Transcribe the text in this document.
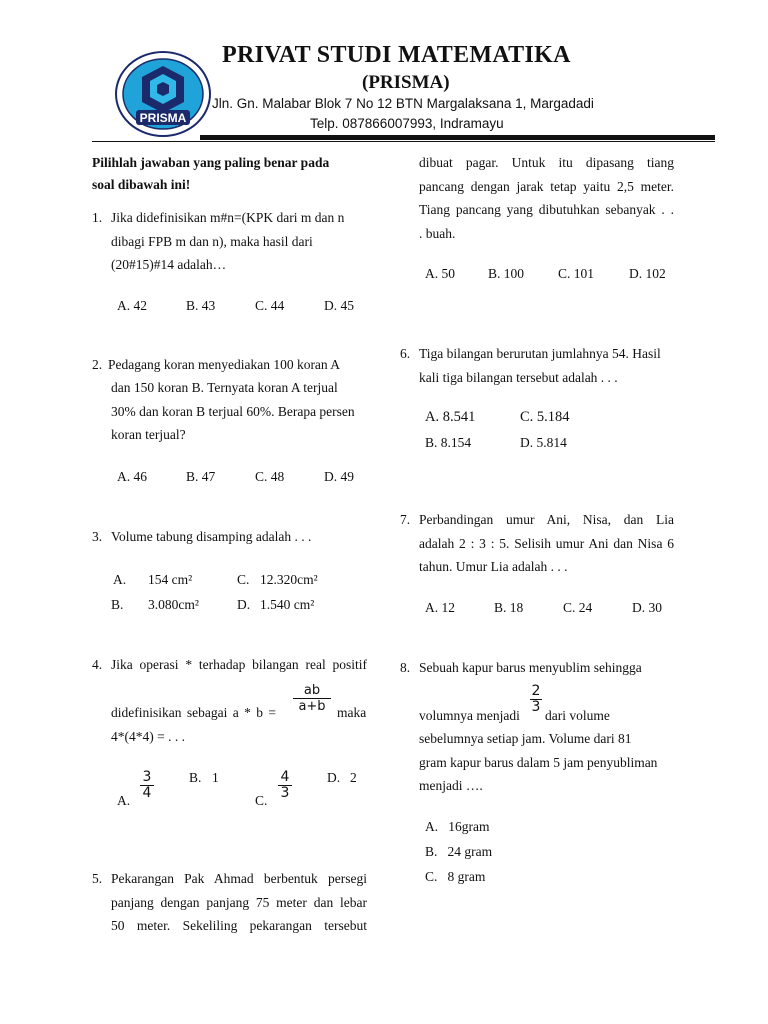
PRISMA
PRIVAT STUDI MATEMATIKA
(PRISMA)
Jln. Gn. Malabar Blok 7 No 12 BTN Margalaksana 1, Margadadi
Telp. 087866007993, Indramayu
Pilihlah jawaban yang paling benar pada
soal dibawah ini!
1. Jika didefinisikan m#n=(KPK dari m dan n
dibagi FPB m dan n), maka hasil dari
(20#15)#14 adalah…
A. 42	B. 43	C. 44	D. 45
2. Pedagang koran menyediakan 100 koran A
dan 150 koran B. Ternyata koran A terjual
30% dan koran B terjual 60%. Berapa persen
koran terjual?
A. 46	B. 47	C. 48	D. 49
3. Volume tabung disamping adalah . . .
A. 154 cm²	C. 12.320cm²
B. 3.080cm²	D. 1.540 cm²
4. Jika operasi * terhadap bilangan real positif
ab
a+b
didefinisikan sebagai a * b =	maka
4*(4*4) = . . .
A.
3
4
B. 1
C.
4
3
D. 2
5. Pekarangan Pak Ahmad berbentuk persegi
panjang dengan panjang 75 meter dan lebar
50 meter. Sekeliling pekarangan tersebut
dibuat pagar. Untuk itu dipasang tiang
pancang dengan jarak tetap yaitu 2,5 meter.
Tiang pancang yang dibutuhkan sebanyak . .
. buah.
A. 50 B. 100	C. 101	D. 102
6. Tiga bilangan berurutan jumlahnya 54. Hasil
kali tiga bilangan tersebut adalah . . .
A. 8.541	C. 5.184
B. 8.154	D. 5.814
7. Perbandingan umur Ani, Nisa, dan Lia
adalah 2 : 3 : 5. Selisih umur Ani dan Nisa 6
tahun. Umur Lia adalah . . .
A. 12	B. 18	C. 24	D. 30
8. Sebuah kapur barus menyublim sehingga
2
3
volumnya menjadi dari volume
sebelumnya setiap jam. Volume dari 81
gram kapur barus dalam 5 jam penyubliman
menjadi ….
A.   16gram
B.   24 gram
C.   8 gram
